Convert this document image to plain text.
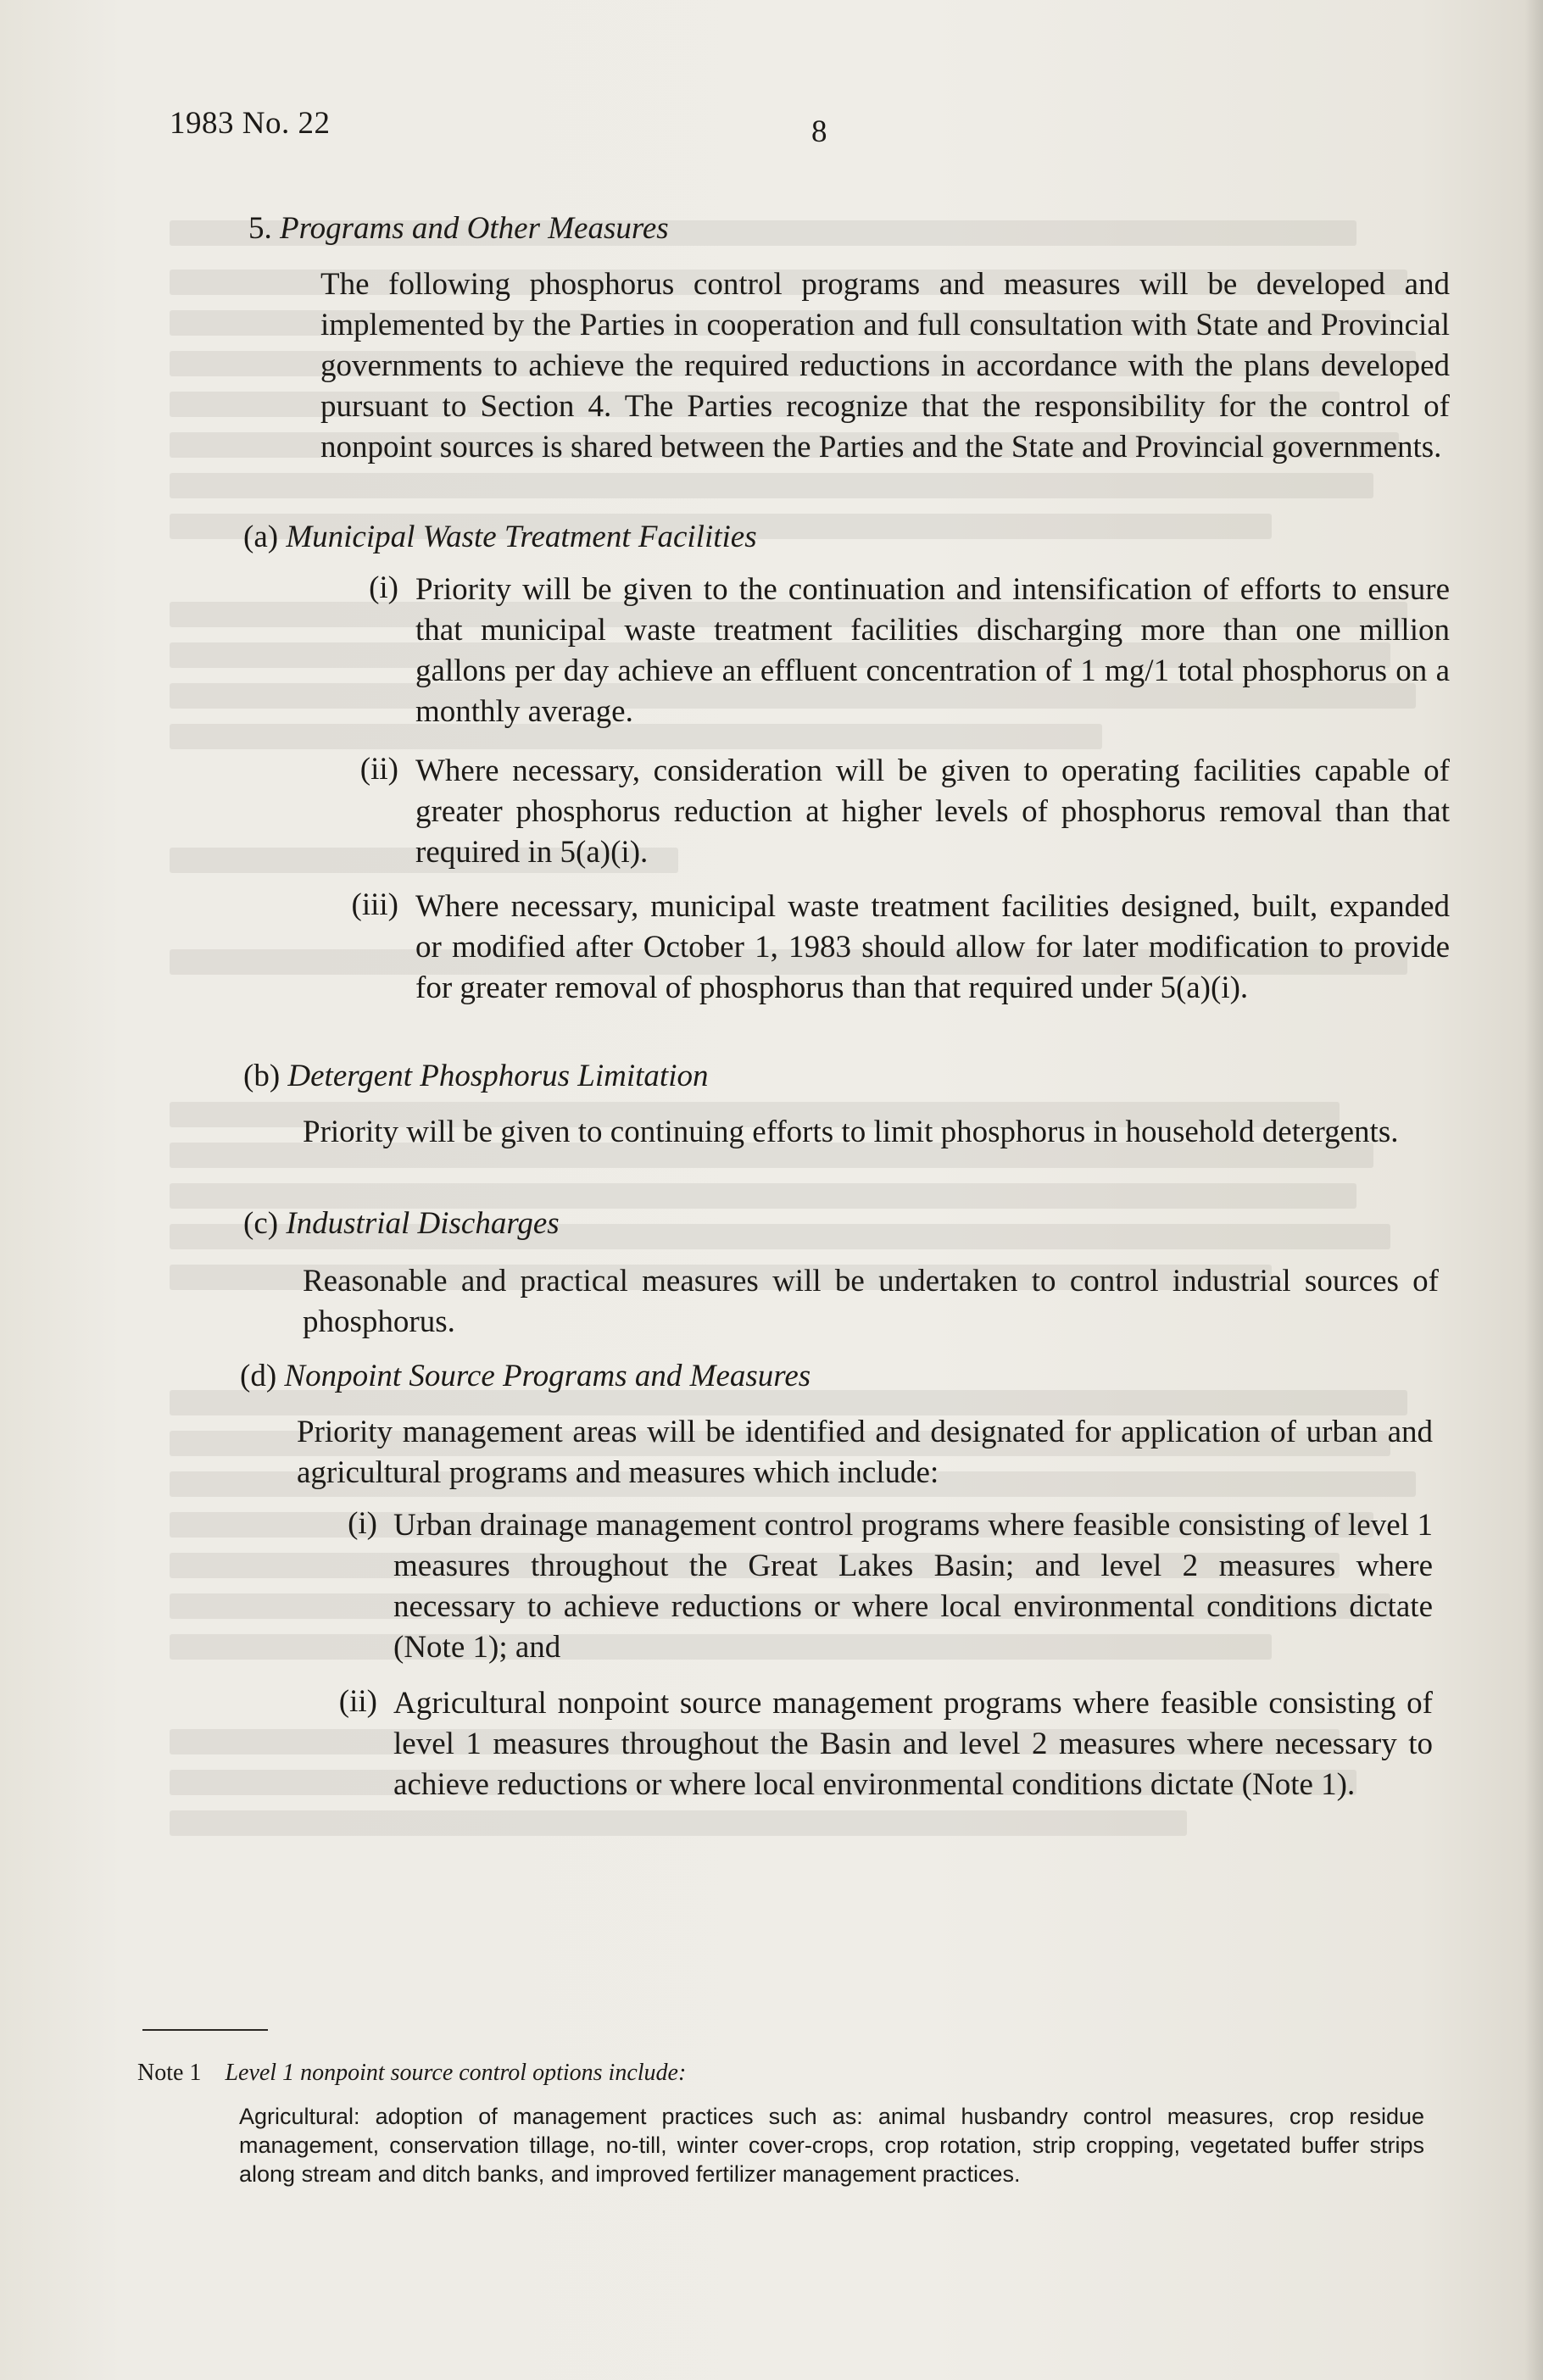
1983 No. 22	8
5. Programs and Other Measures

The following phosphorus control programs and measures will be developed and implemented by the Parties in cooperation and full consultation with State and Provincial governments to achieve the required reductions in accordance with the plans developed pursuant to Section 4. The Parties recognize that the responsibility for the control of nonpoint sources is shared between the Parties and the State and Provincial governments.

(a) Municipal Waste Treatment Facilities
(i) Priority will be given to the continuation and intensification of efforts to ensure that municipal waste treatment facilities discharging more than one million gallons per day achieve an effluent concentration of 1 mg/1 total phosphorus on a monthly average.

(ii) Where necessary, consideration will be given to operating facilities capable of greater phosphorus reduction at higher levels of phosphorus removal than that required in 5(a)(i).

(iii) Where necessary, municipal waste treatment facilities designed, built, expanded or modified after October 1, 1983 should allow for later modification to provide for greater removal of phosphorus than that required under 5(a)(i).

(b) Detergent Phosphorus Limitation

Priority will be given to continuing efforts to limit phosphorus in household detergents.

(c) Industrial Discharges

Reasonable and practical measures will be undertaken to control industrial sources of phosphorus.

(d) Nonpoint Source Programs and Measures

Priority management areas will be identified and designated for application of urban and agricultural programs and measures which include:

(i) Urban drainage management control programs where feasible consisting of level 1 measures throughout the Great Lakes Basin; and level 2 measures where necessary to achieve reductions or where local environmental conditions dictate (Note 1); and

(ii) Agricultural nonpoint source management programs where feasible consisting of level 1 measures throughout the Basin and level 2 measures where necessary to achieve reductions or where local environmental conditions dictate (Note 1).

Note 1 Level 1 nonpoint source control options include:

Agricultural: adoption of management practices such as: animal husbandry control measures, crop residue management, conservation tillage, no-till, winter cover-crops, crop rotation, strip cropping, vegetated buffer strips along stream and ditch banks, and improved fertilizer management practices.
